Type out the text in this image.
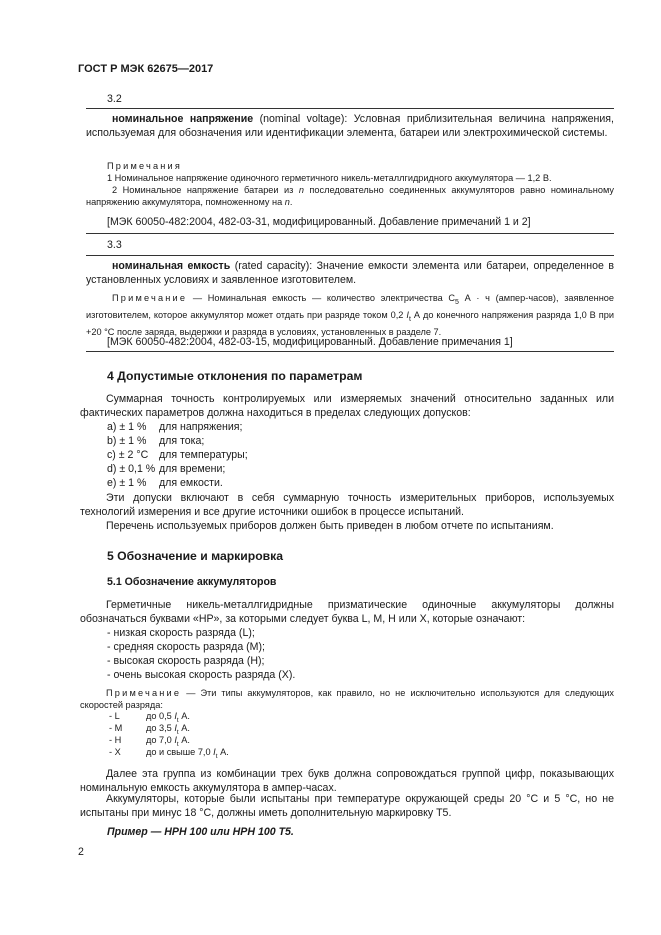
ГОСТ Р МЭК 62675—2017
3.2
номинальное напряжение (nominal voltage): Условная приблизительная величина напряжения, используемая для обозначения или идентификации элемента, батареи или электрохимической системы.
Примечания
1 Номинальное напряжение одиночного герметичного никель-металлгидридного аккумулятора — 1,2 В.
2 Номинальное напряжение батареи из n последовательно соединенных аккумуляторов равно номинальному напряжению аккумулятора, помноженному на n.
[МЭК 60050-482:2004, 482-03-31, модифицированный. Добавление примечаний 1 и 2]
3.3
номинальная емкость (rated capacity): Значение емкости элемента или батареи, определенное в установленных условиях и заявленное изготовителем.
Примечание — Номинальная емкость — количество электричества $C_5$ А · ч (ампер-часов), заявленное изготовителем, которое аккумулятор может отдать при разряде током 0,2 $I_t$ А до конечного напряжения разряда 1,0 В при +20 °С после заряда, выдержки и разряда в условиях, установленных в разделе 7.
[МЭК 60050-482:2004, 482-03-15, модифицированный. Добавление примечания 1]
4 Допустимые отклонения по параметрам
Суммарная точность контролируемых или измеряемых значений относительно заданных или фактических параметров должна находиться в пределах следующих допусков:
a) ± 1 % для напряжения;
b) ± 1 % для тока;
c) ± 2 °C для температуры;
d) ± 0,1 % для времени;
e) ± 1 % для емкости.
Эти допуски включают в себя суммарную точность измерительных приборов, используемых технологий измерения и все другие источники ошибок в процессе испытаний.
Перечень используемых приборов должен быть приведен в любом отчете по испытаниям.
5 Обозначение и маркировка
5.1 Обозначение аккумуляторов
Герметичные никель-металлгидридные призматические одиночные аккумуляторы должны обозначаться буквами «HP», за которыми следует буква L, M, H или X, которые означают:
- низкая скорость разряда (L);
- средняя скорость разряда (M);
- высокая скорость разряда (H);
- очень высокая скорость разряда (X).
Примечание — Эти типы аккумуляторов, как правило, но не исключительно используются для следующих скоростей разряда:
- L	до 0,5 $I_t$ А.
- M	до 3,5 $I_t$ А.
- H	до 7,0 $I_t$ А.
- X	до и свыше 7,0 $I_t$ А.
Далее эта группа из комбинации трех букв должна сопровождаться группой цифр, показывающих номинальную емкость аккумулятора в ампер-часах.
Аккумуляторы, которые были испытаны при температуре окружающей среды 20 °С и 5 °С, но не испытаны при минус 18 °С, должны иметь дополнительную маркировку Т5.
Пример — НРН 100 или НРН 100 Т5.
2
